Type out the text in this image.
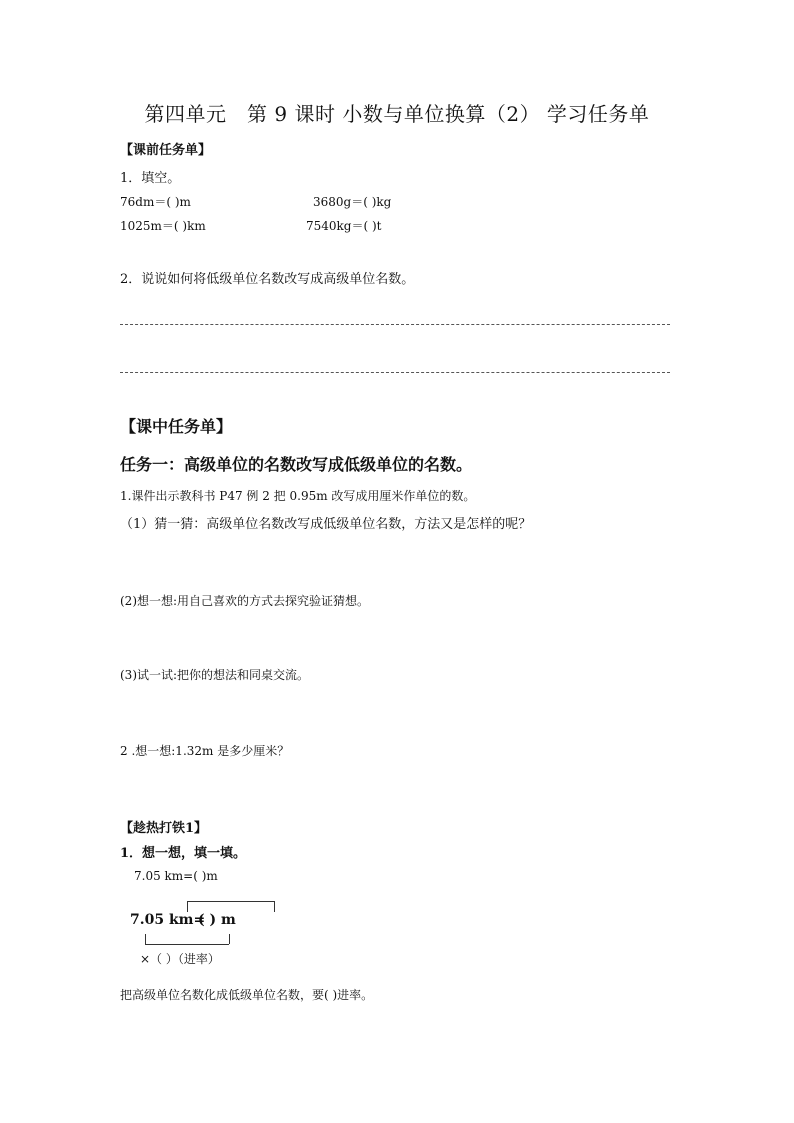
第四单元　第 9 课时 小数与单位换算（2） 学习任务单
【课前任务单】
1．填空。
76dm＝( )m	3680g＝( )kg
1025m＝( )km	7540kg＝( )t
2．说说如何将低级单位名数改写成高级单位名数。
【课中任务单】
任务一：高级单位的名数改写成低级单位的名数。
1.课件出示教科书 P47 例 2 把 0.95m 改写成用厘米作单位的数。
（1）猜一猜：高级单位名数改写成低级单位名数，方法又是怎样的呢？
(2)想一想:用自己喜欢的方式去探究验证猜想。
(3)试一试:把你的想法和同桌交流。
2 .想一想:1.32m 是多少厘米？
【趁热打铁1】
1．想一想，填一填。
7.05 km=( )m
7.05 km=
( ) m
×（ ）（进率）
把高级单位名数化成低级单位名数，要( )进率。
